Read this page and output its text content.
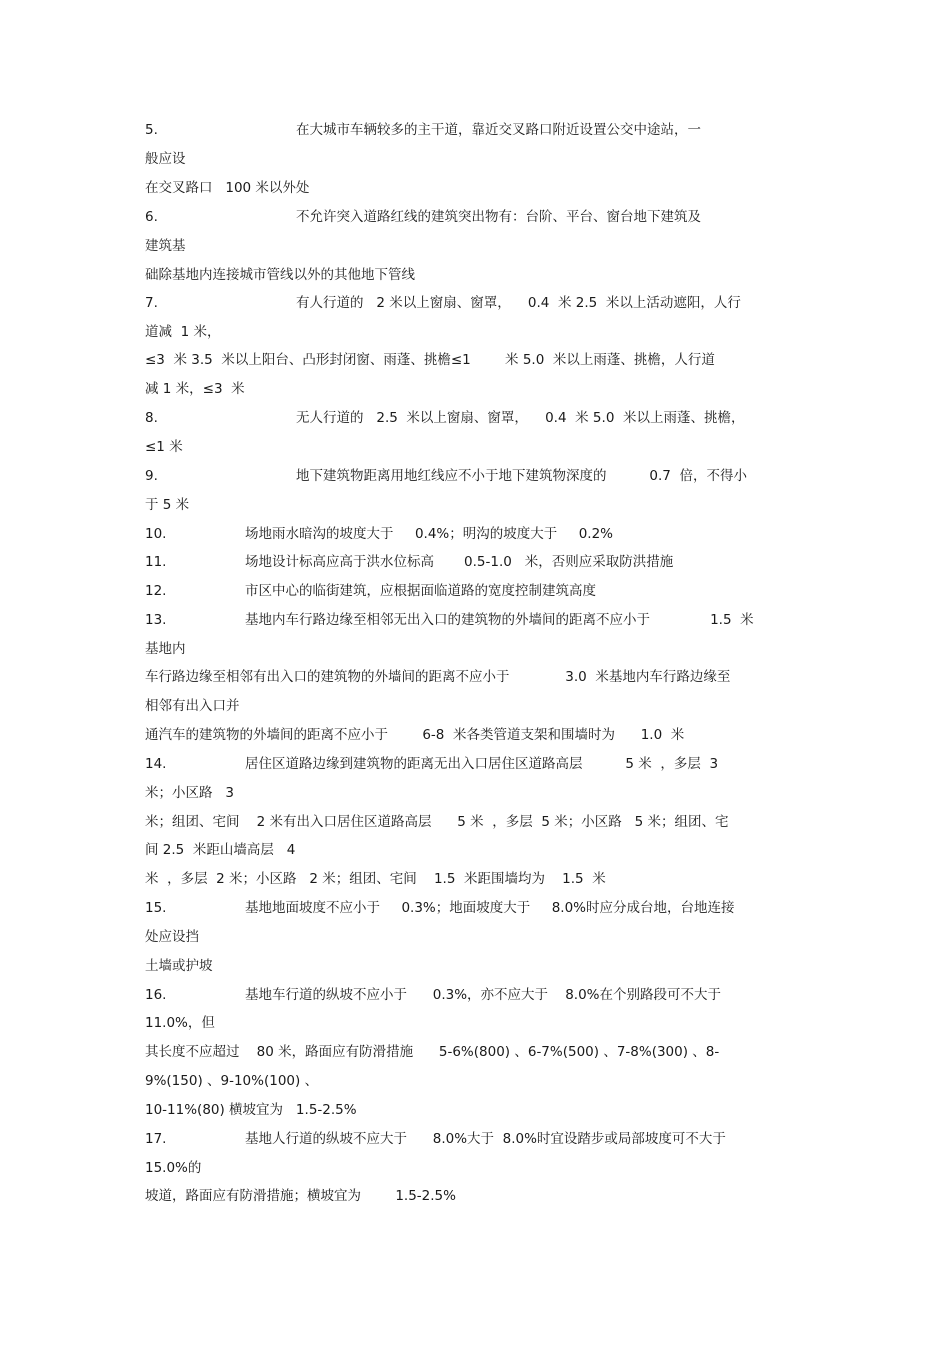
5.

	在大城市车辆较多的主干道，靠近交叉路口附近设置公交中途站，一

般应设
在交叉路口   100 米以外处

6.

	不允许突入道路红线的建筑突出物有：台阶、平台、窗台地下建筑及

建筑基
础除基地内连接城市管线以外的其他地下管线

7.

	有人行道的   2 米以上窗扇、窗罩，    0.4  米 2.5  米以上活动遮阳，人行

道减  1 米，
≤3  米 3.5  米以上阳台、凸形封闭窗、雨蓬、挑檐≤1        米 5.0  米以上雨蓬、挑檐，人行道
减 1 米，≤3  米

8.

	无人行道的   2.5  米以上窗扇、窗罩，    0.4  米 5.0  米以上雨蓬、挑檐，

≤1 米

9.

	地下建筑物距离用地红线应不小于地下建筑物深度的          0.7  倍，不得小

于 5 米

10.

	场地雨水暗沟的坡度大于     0.4%；明沟的坡度大于     0.2%

11.

	场地设计标高应高于洪水位标高       0.5-1.0   米，否则应采取防洪措施

12.

	市区中心的临街建筑，应根据面临道路的宽度控制建筑高度

13.

	基地内车行路边缘至相邻无出入口的建筑物的外墙间的距离不应小于              1.5  米

基地内
车行路边缘至相邻有出入口的建筑物的外墙间的距离不应小于             3.0  米基地内车行路边缘至
相邻有出入口并
通汽车的建筑物的外墙间的距离不应小于        6-8  米各类管道支架和围墙时为      1.0  米

14.

	居住区道路边缘到建筑物的距离无出入口居住区道路高层          5 米  ，多层  3

米；小区路   3
米；组团、宅间    2 米有出入口居住区道路高层      5 米  ，多层  5 米；小区路   5 米；组团、宅
间 2.5  米距山墙高层   4
米  ，多层  2 米；小区路   2 米；组团、宅间    1.5  米距围墙均为    1.5  米

15.

	基地地面坡度不应小于     0.3%；地面坡度大于     8.0%时应分成台地，台地连接

处应设挡
土墙或护坡

16.

	基地车行道的纵坡不应小于      0.3%，亦不应大于    8.0%在个别路段可不大于

11.0%，但
其长度不应超过    80 米，路面应有防滑措施      5-6%(800) 、6-7%(500) 、7-8%(300) 、8-
9%(150) 、9-10%(100) 、
10-11%(80) 横坡宜为   1.5-2.5%

17.

	基地人行道的纵坡不应大于      8.0%大于  8.0%时宜设踏步或局部坡度可不大于

15.0%的
坡道，路面应有防滑措施；横坡宜为        1.5-2.5%
